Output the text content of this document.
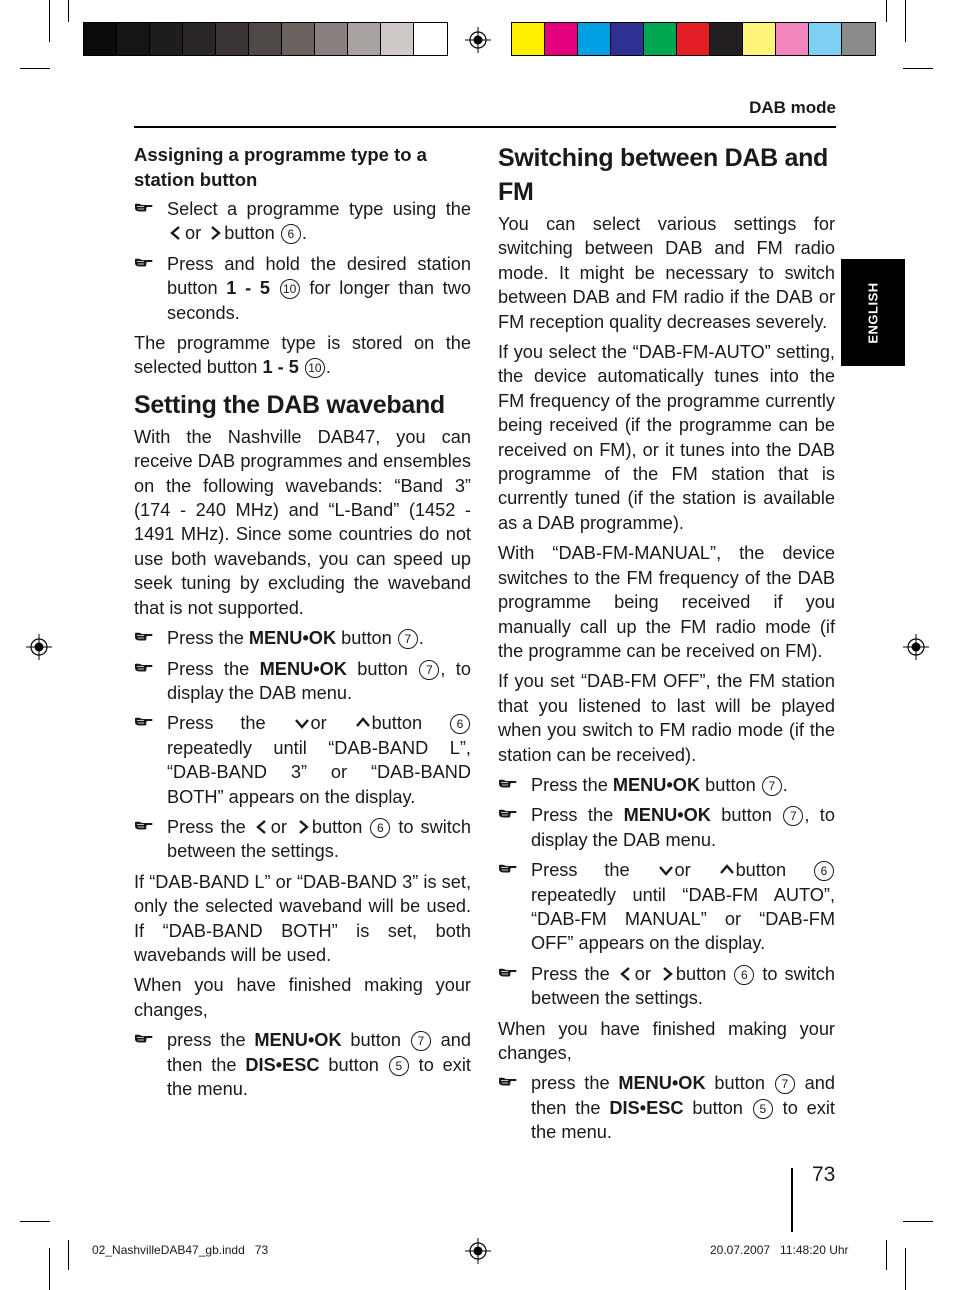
DAB mode
ENGLISH
Assigning a programme type to a station button
Select a programme type using the
or button 6 .
Press and hold the desired station button 1 - 5 10 for longer than two seconds.

The programme type is stored on the selected button 1 - 5 10 .

Setting the DAB waveband

With the Nashville DAB47, you can receive DAB programmes and ensembles on the following wavebands: “Band 3” (174 - 240 MHz) and “L-Band” (1452 - 1491 MHz). Since some countries do not use both wavebands, you can speed up seek tuning by excluding the waveband that is not supported.

Press the MENU•OK button 7 .
Press the MENU•OK button 7 , to display the DAB menu.
Press the or button	6 repeatedly until “DAB-BAND L”, “DAB-BAND 3” or “DAB-BAND BOTH” appears on the display.
Press the or button 6 to switch between the settings.

If “DAB-BAND L” or “DAB-BAND 3” is set, only the selected waveband will be used. If “DAB-BAND BOTH” is set, both wavebands will be used.

When you have finished making your changes,

press the MENU•OK button 7 and then the DIS•ESC button 5 to exit the menu.
Switching between DAB and FM

You can select various settings for switching between DAB and FM radio mode. It might be necessary to switch between DAB and FM radio if the DAB or FM reception quality decreases severely.

If you select the “DAB-FM-AUTO” setting, the device automatically tunes into the FM frequency of the programme currently being received (if the programme can be received on FM), or it tunes into the DAB programme of the FM station that is currently tuned (if the station is available as a DAB programme).

With “DAB-FM-MANUAL”, the device switches to the FM frequency of the DAB programme being received if you manually call up the FM radio mode (if the programme can be received on FM).

If you set “DAB-FM OFF”, the FM station that you listened to last will be played when you switch to FM radio mode (if the station can be received).

Press the MENU•OK button 7 .
Press the MENU•OK button 7 , to display the DAB menu.
Press the or button	6 repeatedly until “DAB-FM AUTO”, “DAB-FM MANUAL” or “DAB-FM OFF” appears on the display.
Press the or button 6 to switch between the settings.

When you have finished making your changes,

press the MENU•OK button 7 and then the DIS•ESC button 5 to exit the menu.
73
02_NashvilleDAB47_gb.indd   73	20.07.2007   11:48:20 Uhr
